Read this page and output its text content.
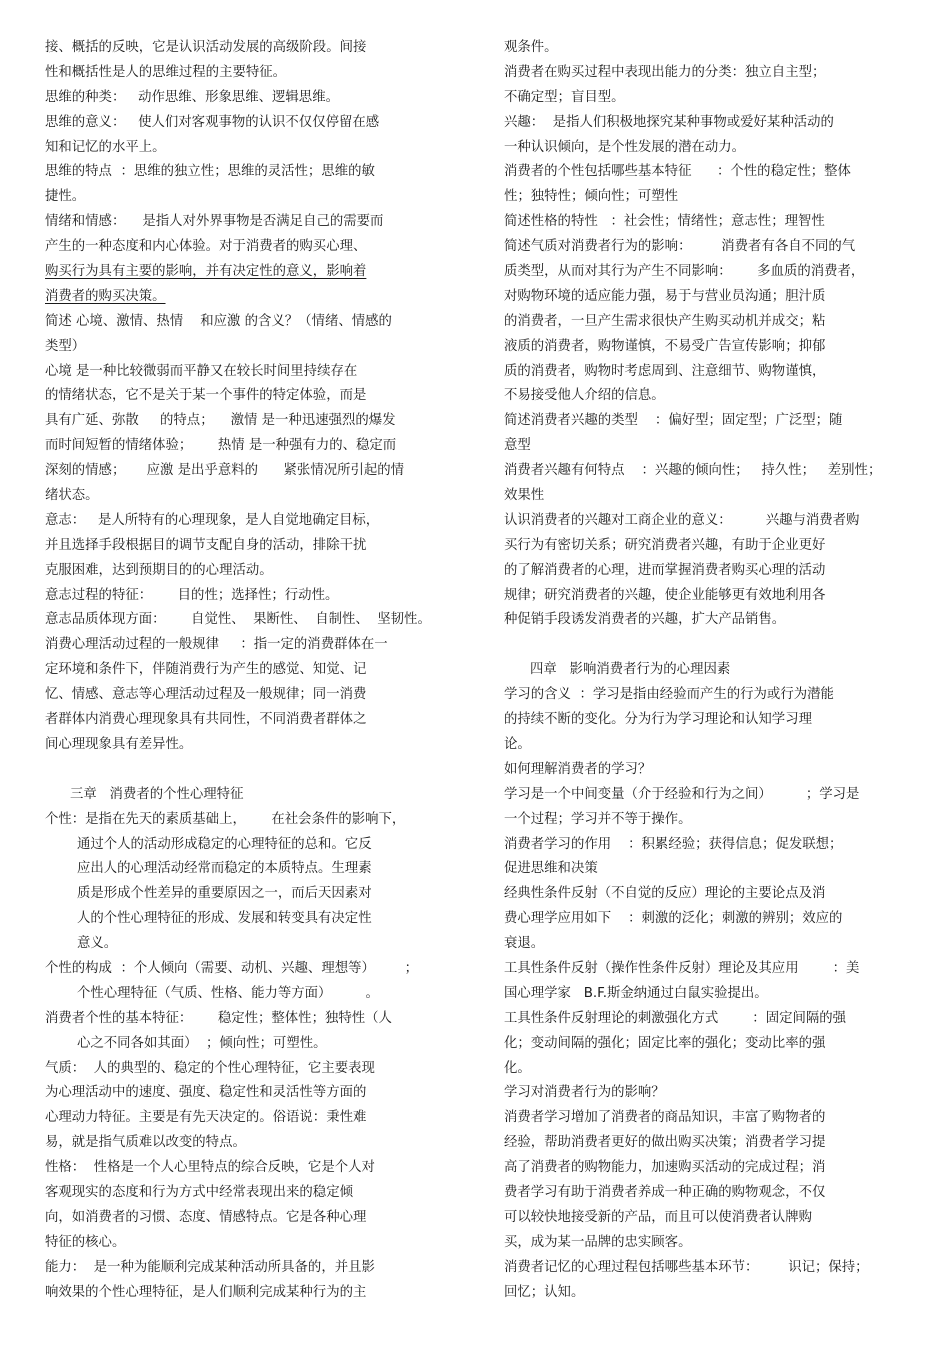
接、概括的反映，它是认识活动发展的高级阶段。间接
性和概括性是人的思维过程的主要特征。
思维的种类：   动作思维、形象思维、逻辑思维。
思维的意义：   使人们对客观事物的认识不仅仅停留在感
知和记忆的水平上。
思维的特点  ：思维的独立性；思维的灵活性；思维的敏
捷性。
情绪和情感：    是指人对外界事物是否满足自己的需要而
产生的一种态度和内心体验。对于消费者的购买心理、
购买行为具有主要的影响，并有决定性的意义，影响着
消费者的购买决策。
简述 心境、激情、热情    和应激 的含义？（情绪、情感的
类型）
心境 是一种比较微弱而平静又在较长时间里持续存在
的情绪状态，它不是关于某一个事件的特定体验，而是
具有广延、弥散     的特点；    激情 是一种迅速强烈的爆发
而时间短暂的情绪体验；      热情 是一种强有力的、稳定而
深刻的情感；     应激 是出乎意料的      紧张情况所引起的情
绪状态。
意志：   是人所特有的心理现象，是人自觉地确定目标，
并且选择手段根据目的调节支配自身的活动，排除干扰
克服困难，达到预期目的的心理活动。
意志过程的特征：      目的性；选择性；行动性。
意志品质体现方面：      自觉性、  果断性、  自制性、  坚韧性。
消费心理活动过程的一般规律     ：指一定的消费群体在一
定环境和条件下，伴随消费行为产生的感觉、知觉、记
忆、情感、意志等心理活动过程及一般规律；同一消费
者群体内消费心理现象具有共同性，不同消费者群体之
间心理现象具有差异性。
三章   消费者的个性心理特征
个性：是指在先天的素质基础上，      在社会条件的影响下，
通过个人的活动形成稳定的心理特征的总和。它反
应出人的心理活动经常而稳定的本质特点。生理素
质是形成个性差异的重要原因之一，而后天因素对
人的个性心理特征的形成、发展和转变具有决定性
意义。
个性的构成  ：个人倾向（需要、动机、兴趣、理想等）       ；
个性心理特征（气质、性格、能力等方面）        。
消费者个性的基本特征：      稳定性；整体性；独特性（人
心之不同各如其面）  ；倾向性；可塑性。
气质：  人的典型的、稳定的个性心理特征，它主要表现
为心理活动中的速度、强度、稳定性和灵活性等方面的
心理动力特征。主要是有先天决定的。俗语说：秉性难
易，就是指气质难以改变的特点。
性格：  性格是一个人心里特点的综合反映，它是个人对
客观现实的态度和行为方式中经常表现出来的稳定倾
向，如消费者的习惯、态度、情感特点。它是各种心理
特征的核心。
能力：  是一种为能顺利完成某种活动所具备的，并且影
响效果的个性心理特征，是人们顺利完成某种行为的主
观条件。
消费者在购买过程中表现出能力的分类：独立自主型；
不确定型；盲目型。
兴趣：  是指人们积极地探究某种事物或爱好某种活动的
一种认识倾向，是个性发展的潜在动力。
消费者的个性包括哪些基本特征      ：个性的稳定性；整体
性；独特性；倾向性；可塑性
简述性格的特性   ：社会性；情绪性；意志性；理智性
简述气质对消费者行为的影响：       消费者有各自不同的气
质类型，从而对其行为产生不同影响：      多血质的消费者，
对购物环境的适应能力强，易于与营业员沟通；胆汁质
的消费者，一旦产生需求很快产生购买动机并成交；粘
液质的消费者，购物谨慎，不易受广告宣传影响；抑郁
质的消费者，购物时考虑周到、注意细节、购物谨慎，
不易接受他人介绍的信息。
简述消费者兴趣的类型    ：偏好型；固定型；广泛型；随
意型
消费者兴趣有何特点    ：兴趣的倾向性；   持久性；   差别性；
效果性
认识消费者的兴趣对工商企业的意义：        兴趣与消费者购
买行为有密切关系；研究消费者兴趣，有助于企业更好
的了解消费者的心理，进而掌握消费者购买心理的活动
规律；研究消费者的兴趣，使企业能够更有效地利用各
种促销手段诱发消费者的兴趣，扩大产品销售。
四章   影响消费者行为的心理因素
学习的含义  ：学习是指由经验而产生的行为或行为潜能
的持续不断的变化。分为行为学习理论和认知学习理
论。
如何理解消费者的学习？
学习是一个中间变量（介于经验和行为之间）        ；学习是
一个过程；学习并不等于操作。
消费者学习的作用    ：积累经验；获得信息；促发联想；
促进思维和决策
经典性条件反射（不自觉的反应）理论的主要论点及消
费心理学应用如下    ：刺激的泛化；刺激的辨别；效应的
衰退。
工具性条件反射（操作性条件反射）理论及其应用        ：美
国心理学家   B.F.斯金纳通过白鼠实验提出。
工具性条件反射理论的刺激强化方式        ：固定间隔的强
化；变动间隔的强化；固定比率的强化；变动比率的强
化。
学习对消费者行为的影响？
消费者学习增加了消费者的商品知识，丰富了购物者的
经验，帮助消费者更好的做出购买决策；消费者学习提
高了消费者的购物能力，加速购买活动的完成过程；消
费者学习有助于消费者养成一种正确的购物观念，不仅
可以较快地接受新的产品，而且可以使消费者认牌购
买，成为某一品牌的忠实顾客。
消费者记忆的心理过程包括哪些基本环节：       识记；保持；
回忆；认知。
